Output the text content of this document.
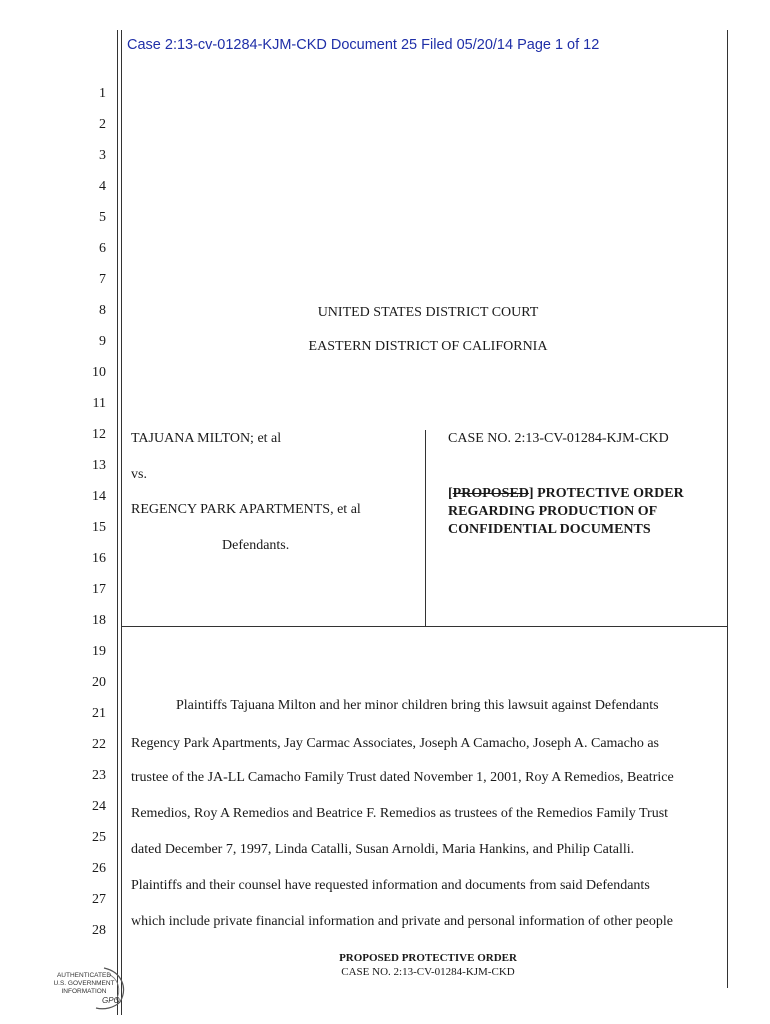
Case 2:13-cv-01284-KJM-CKD Document 25 Filed 05/20/14 Page 1 of 12
1
2
3
4
5
6
7
8
9
10
11
12
13
14
15
16
17
18
19
20
21
22
23
24
25
26
27
28
UNITED STATES DISTRICT COURT
EASTERN DISTRICT OF CALIFORNIA
TAJUANA MILTON; et al
vs.
REGENCY PARK APARTMENTS, et al
Defendants.
CASE NO. 2:13-CV-01284-KJM-CKD
[PROPOSED] PROTECTIVE ORDER
REGARDING PRODUCTION OF
CONFIDENTIAL DOCUMENTS
Plaintiffs Tajuana Milton and her minor children bring this lawsuit against Defendants
Regency Park Apartments, Jay Carmac Associates, Joseph A Camacho, Joseph A. Camacho as
trustee of the JA-LL Camacho Family Trust dated November 1, 2001, Roy A Remedios, Beatrice
Remedios, Roy A Remedios and Beatrice F. Remedios as trustees of the Remedios Family Trust
dated December 7, 1997, Linda Catalli, Susan Arnoldi, Maria Hankins, and Philip Catalli.
Plaintiffs and their counsel have requested information and documents from said Defendants
which include private financial information and private and personal information of other people
PROPOSED PROTECTIVE ORDER
CASE NO. 2:13-CV-01284-KJM-CKD
AUTHENTICATED
U.S. GOVERNMENT
INFORMATION
GPO
